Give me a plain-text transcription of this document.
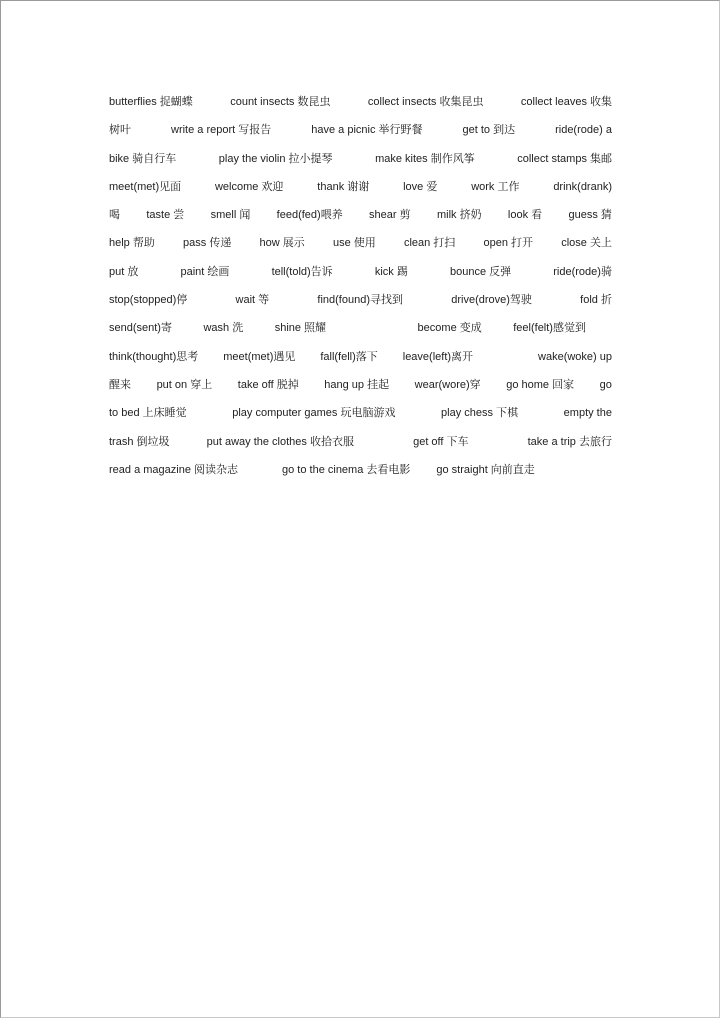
butterflies 捉蝴蝶	count insects 数昆虫	collect insects 收集昆虫	collect leaves 收集
树叶	write a report 写报告	have a picnic 举行野餐	get to 到达	ride(rode) a
bike 骑自行车	play the violin 拉小提琴	make kites 制作风筝	collect stamps 集邮
meet(met)见面	welcome 欢迎	thank 谢谢	love 爱	work 工作	drink(drank)
喝 taste 尝 smell 闻 feed(fed)喂养 shear 剪 milk 挤奶 look 看 guess 猜
help 帮助	pass 传递	how 展示	use 使用	clean 打扫	open 打开	close 关上
put 放	paint 绘画	tell(told)告诉	kick 踢	bounce 反弹	ride(rode)骑
stop(stopped)停	wait 等	find(found)寻找到	drive(drove)驾驶	fold 折
send(sent)寄	wash 洗	shine 照耀	become 变成	feel(felt)感觉到
think(thought)思考 meet(met)遇见 fall(fell)落下 leave(left)离开	wake(woke) up
醒来 put on 穿上 take off 脱掉 hang up 挂起 wear(wore)穿 go home 回家 go
to bed 上床睡觉	play computer games 玩电脑游戏	play chess 下棋	empty the
trash 倒垃圾	put away the clothes 收拾衣服	get off 下车	take a trip 去旅行
read a magazine 阅读杂志	go to the cinema 去看电影 go straight 向前直走
